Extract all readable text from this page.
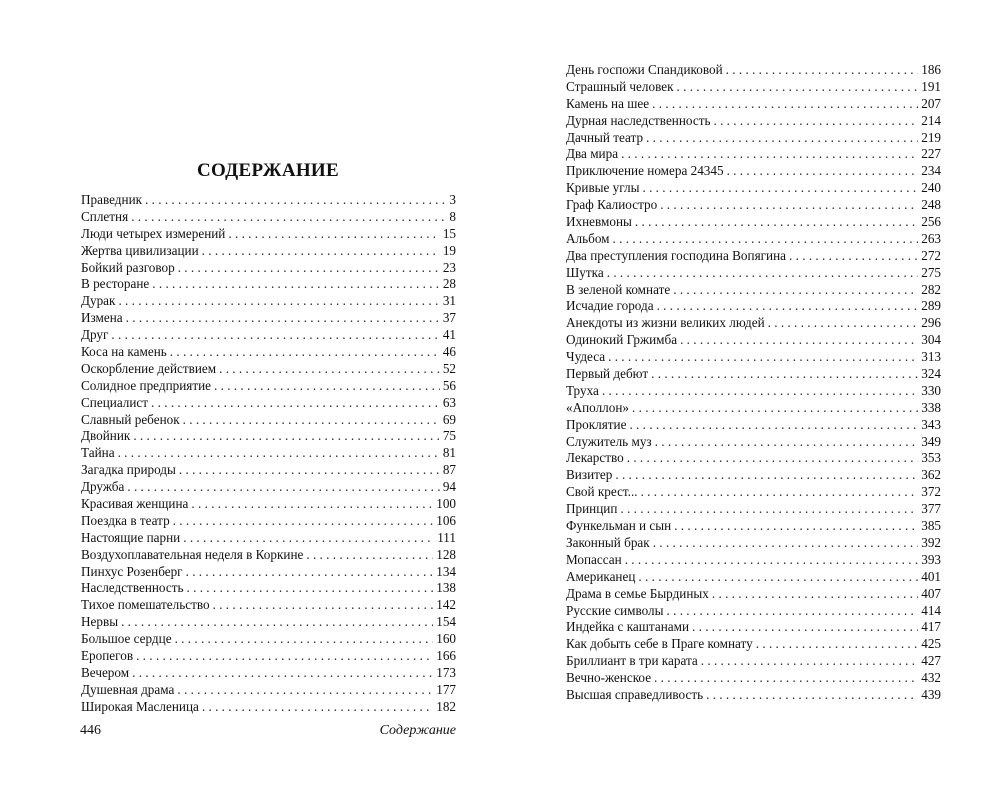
СОДЕРЖАНИЕ
Праведник . . .	3
Сплетня . . .	8
Люди четырех измерений . . .	15
Жертва цивилизации . . .	19
Бойкий разговор . . .	23
В ресторане . . .	28
Дурак . . .	31
Измена . . .	37
Друг . . .	41
Коса на камень . . .	46
Оскорбление действием . . .	52
Солидное предприятие . . .	56
Специалист . . .	63
Славный ребенок . . .	69
Двойник . . .	75
Тайна . . .	81
Загадка природы . . .	87
Дружба . . .	94
Красивая женщина . . .	100
Поездка в театр . . .	106
Настоящие парни . . .	111
Воздухоплавательная неделя в Коркине . . .	128
Пинхус Розенберг . . .	134
Наследственность . . .	138
Тихое помешательство . . .	142
Нервы . . .	154
Большое сердце . . .	160
Еропегов . . .	166
Вечером . . .	173
Душевная драма . . .	177
Широкая Масленица . . .	182
446	Содержание
День госпожи Спандиковой . . .	186
Страшный человек . . .	191
Камень на шее . . .	207
Дурная наследственность . . .	214
Дачный театр . . .	219
Два мира . . .	227
Приключение номера 24345 . . .	234
Кривые углы . . .	240
Граф Калиостро . . .	248
Ихневмоны . . .	256
Альбом . . .	263
Два преступления господина Вопягина . . .	272
Шутка . . .	275
В зеленой комнате . . .	282
Исчадие города . . .	289
Анекдоты из жизни великих людей . . .	296
Одинокий Гржимба . . .	304
Чудеса . . .	313
Первый дебют . . .	324
Труха . . .	330
«Аполлон» . . .	338
Проклятие . . .	343
Служитель муз . . .	349
Лекарство . . .	353
Визитер . . .	362
Свой крест... . . .	372
Принцип . . .	377
Функельман и сын . . .	385
Законный брак . . .	392
Мопассан . . .	393
Американец . . .	401
Драма в семье Бырдиных . . .	407
Русские символы . . .	414
Индейка с каштанами . . .	417
Как добыть себе в Праге комнату . . .	425
Бриллиант в три карата . . .	427
Вечно-женское . . .	432
Высшая справедливость . . .	439
